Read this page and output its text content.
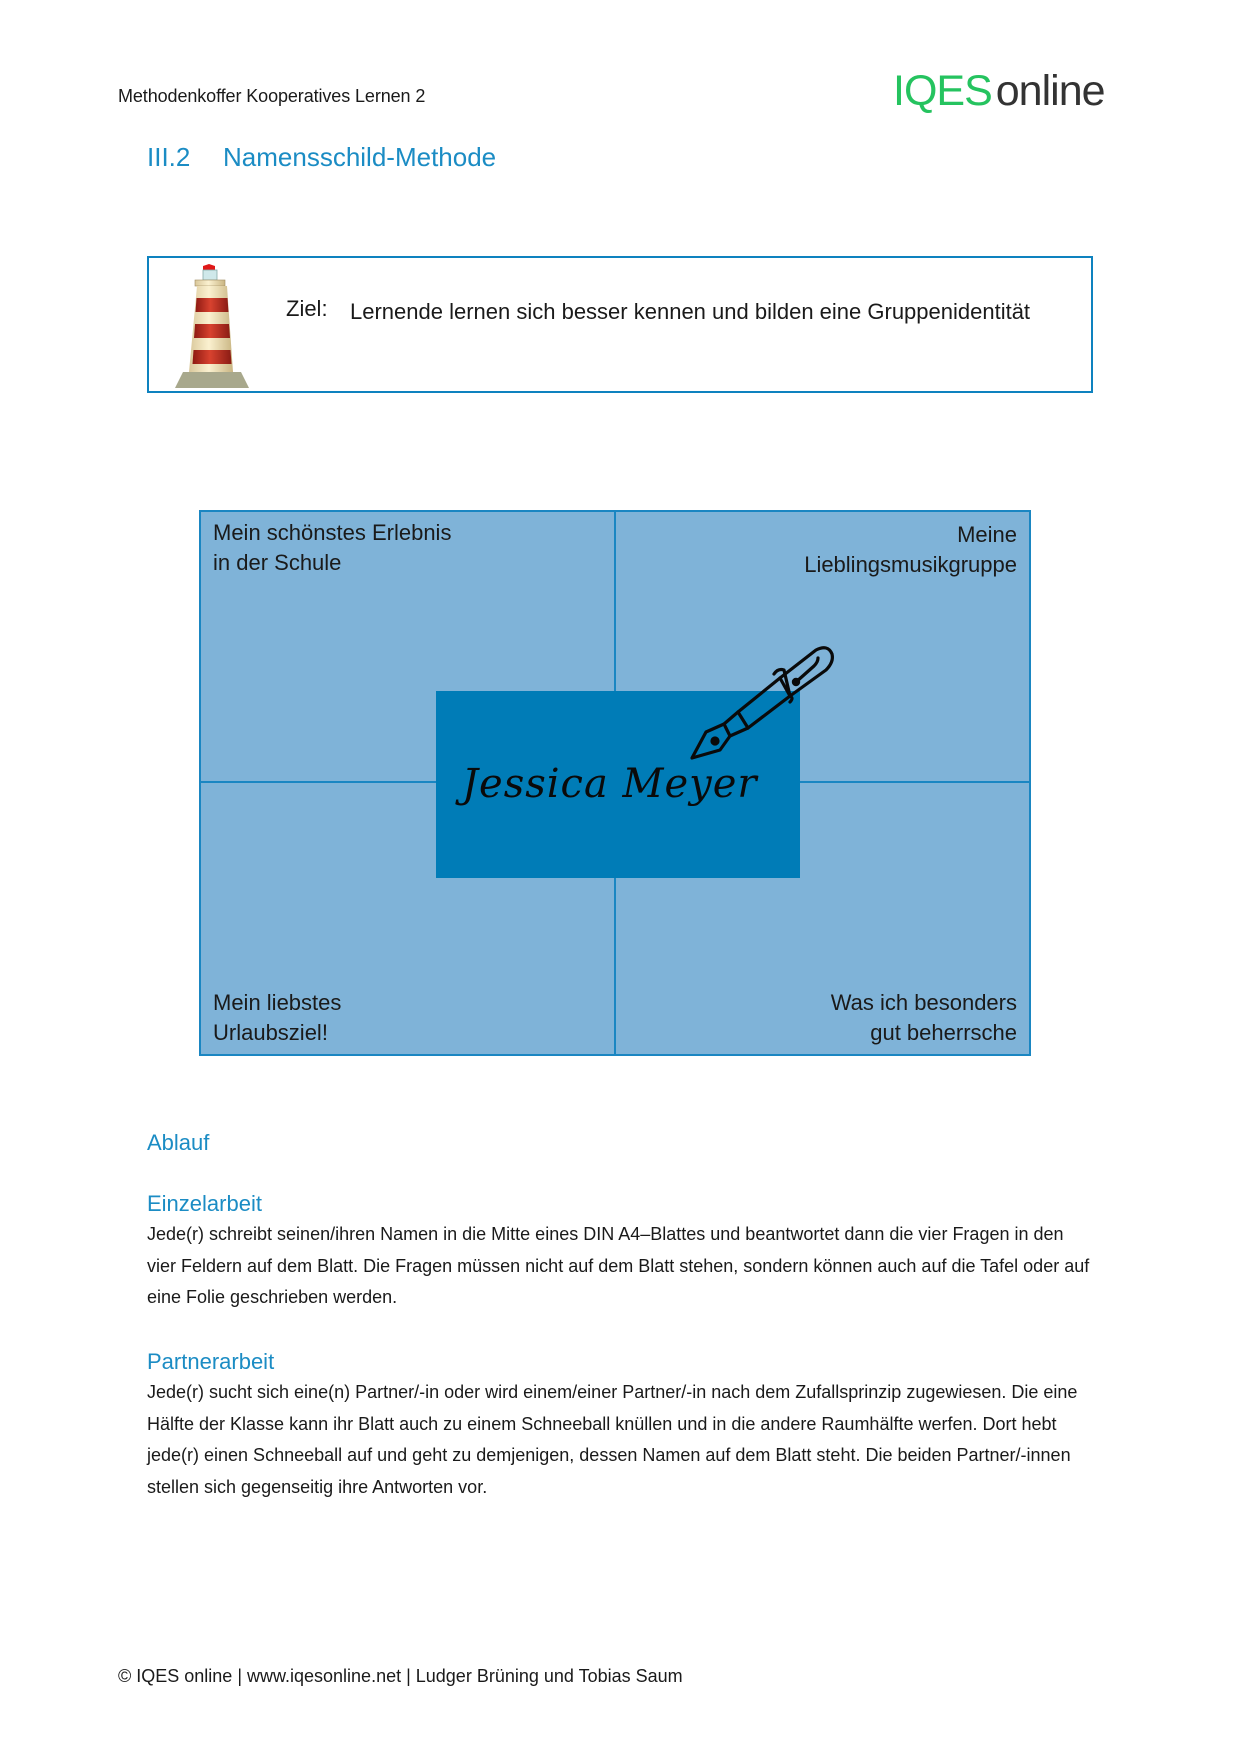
Methodenkoffer Kooperatives Lernen 2	IQESonline
III.2 Namensschild-Methode
Ziel: Lernende lernen sich besser kennen und bilden eine Gruppenidentität
Mein schönstes Erlebnis
in der Schule
Meine
Lieblingsmusikgruppe
Mein liebstes
Urlaubsziel!
Was ich besonders
gut beherrsche
Jessica Meyer
Ablauf
Einzelarbeit
Jede(r) schreibt seinen/ihren Namen in die Mitte eines DIN A4–Blattes und beantwortet dann die vier Fragen in den vier Feldern auf dem Blatt. Die Fragen müssen nicht auf dem Blatt stehen, sondern können auch auf die Tafel oder auf eine Folie geschrieben werden.
Partnerarbeit
Jede(r) sucht sich eine(n) Partner/-in oder wird einem/einer Partner/-in nach dem Zufallsprinzip zugewiesen. Die eine Hälfte der Klasse kann ihr Blatt auch zu einem Schneeball knüllen und in die andere Raumhälfte werfen. Dort hebt jede(r) einen Schneeball auf und geht zu demjenigen, dessen Namen auf dem Blatt steht. Die beiden Partner/-innen stellen sich gegenseitig ihre Antworten vor.
© IQES online | www.iqesonline.net | Ludger Brüning und Tobias Saum
